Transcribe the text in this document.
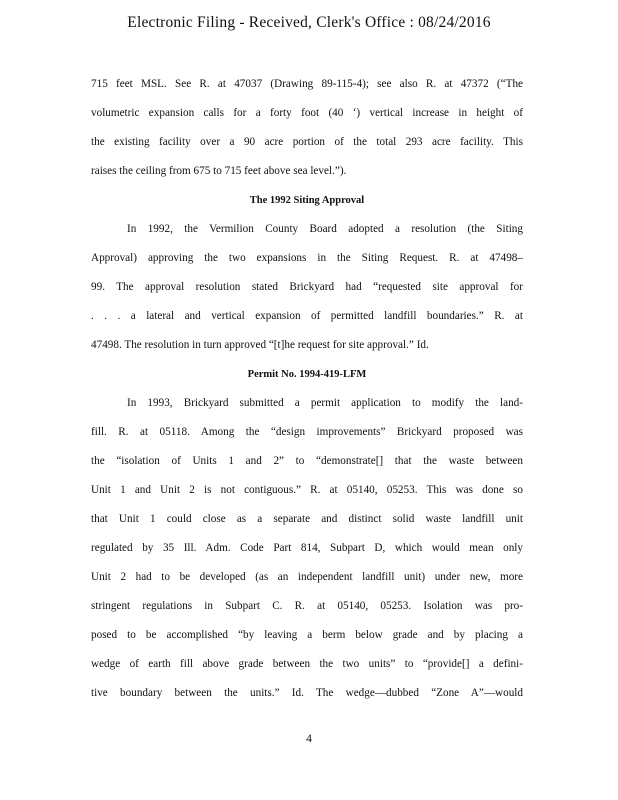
Electronic Filing - Received, Clerk's Office : 08/24/2016
715 feet MSL. See R. at 47037 (Drawing 89-115-4); see also R. at 47372 (“The
volumetric expansion calls for a forty foot (40 ‘) vertical increase in height of
the existing facility over a 90 acre portion of the total 293 acre facility. This
raises the ceiling from 675 to 715 feet above sea level.”).
The 1992 Siting Approval
In 1992, the Vermilion County Board adopted a resolution (the Siting
Approval) approving the two expansions in the Siting Request. R. at 47498–
99. The approval resolution stated Brickyard had “requested site approval for
. . . a lateral and vertical expansion of permitted landfill boundaries.” R. at
47498. The resolution in turn approved “[t]he request for site approval.” Id.
Permit No. 1994-419-LFM
In 1993, Brickyard submitted a permit application to modify the land-
fill. R. at 05118. Among the “design improvements” Brickyard proposed was
the “isolation of Units 1 and 2” to “demonstrate[] that the waste between
Unit 1 and Unit 2 is not contiguous.” R. at 05140, 05253. This was done so
that Unit 1 could close as a separate and distinct solid waste landfill unit
regulated by 35 Ill. Adm. Code Part 814, Subpart D, which would mean only
Unit 2 had to be developed (as an independent landfill unit) under new, more
stringent regulations in Subpart C. R. at 05140, 05253. Isolation was pro-
posed to be accomplished “by leaving a berm below grade and by placing a
wedge of earth fill above grade between the two units” to “provide[] a defini-
tive boundary between the units.” Id. The wedge—dubbed “Zone A”—would
4
